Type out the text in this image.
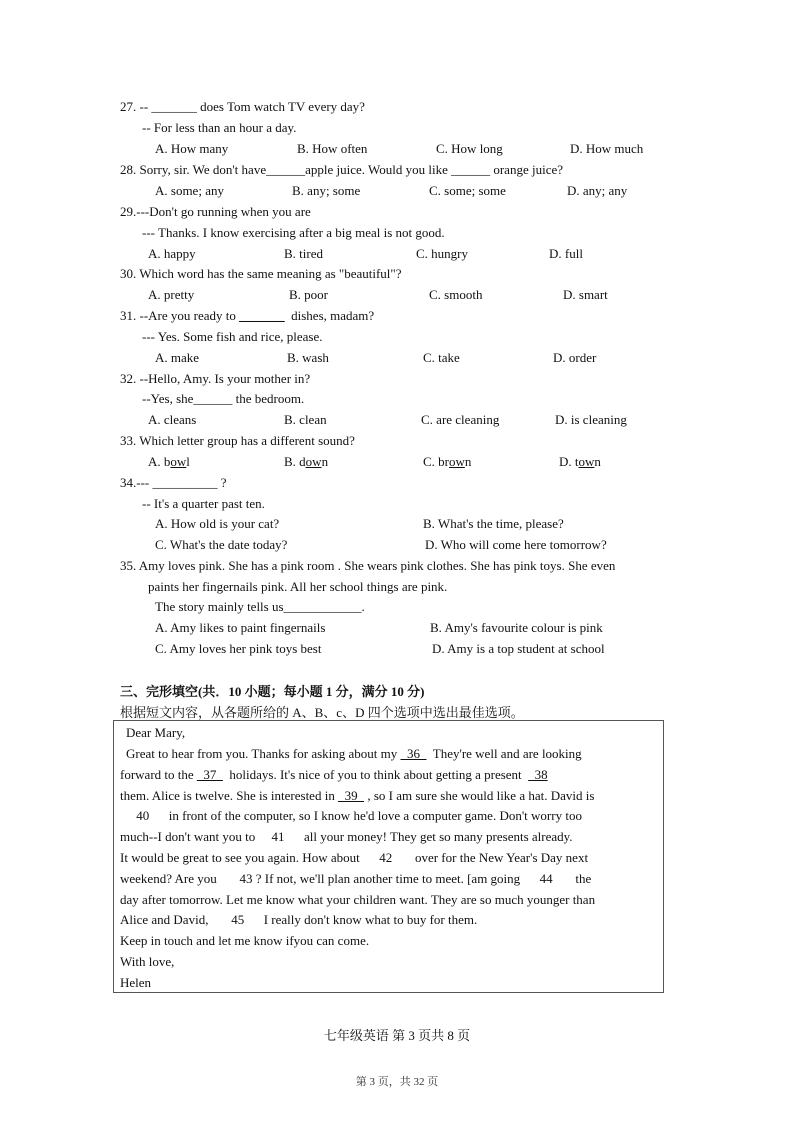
27. -- _______ does Tom watch TV every day?
-- For less than an hour a day.
A. How many	B. How often	C. How long	D. How much
28. Sorry, sir. We don't have______apple juice. Would you like ______ orange juice?
A. some; any	B. any; some	C. some; some	D. any; any
29.---Don't go running when you are
--- Thanks. I know exercising after a big meal is not good.
A. happy	B. tired	C. hungry	D. full
30. Which word has the same meaning as "beautiful"?
A. pretty	B. poor	C. smooth	D. smart
31. --Are you ready to _______  dishes, madam?
--- Yes. Some fish and rice, please.
A. make	B. wash	C. take	D. order
32. --Hello, Amy. Is your mother in?
--Yes, she______ the bedroom.
A. cleans	B. clean	C. are cleaning	D. is cleaning
33. Which letter group has a different sound?
A. bowl	B. down	C. brown	D. town
34.--- __________ ?
-- It's a quarter past ten.
A. How old is your cat?	B. What's the time, please?
C. What's the date today?	D. Who will come here tomorrow?
35. Amy loves pink. She has a pink room . She wears pink clothes. She has pink toys. She even
paints her fingernails pink. All her school things are pink.
The story mainly tells us____________.
A. Amy likes to paint fingernails	B. Amy's favourite colour is pink
C. Amy loves her pink toys best	D. Amy is a top student at school
三、完形填空(共．10 小题；每小题 1 分，满分 10 分)
根据短文内容，从各题所给的 A、B、c、D 四个选项中选出最佳选项。
Dear Mary,
Great to hear from you. Thanks for asking about my   36    They're well and are looking
forward to the   37    holidays. It's nice of you to think about getting a present    38
them. Alice is twelve. She is interested in   39   , so I am sure she would like a hat. David is
40      in front of the computer, so I know he'd love a computer game. Don't worry too
much--I don't want you to     41      all your money! They get so many presents already.
It would be great to see you again. How about      42       over for the New Year's Day next
weekend? Are you       43 ? If not, we'll plan another time to meet. [am going      44       the
day after tomorrow. Let me know what your children want. They are so much younger than
Alice and David,       45      I really don't know what to buy for them.
Keep in touch and let me know ifyou can come.
With love,
Helen
七年级英语 第 3 页共 8 页
第 3 页，共 32 页
